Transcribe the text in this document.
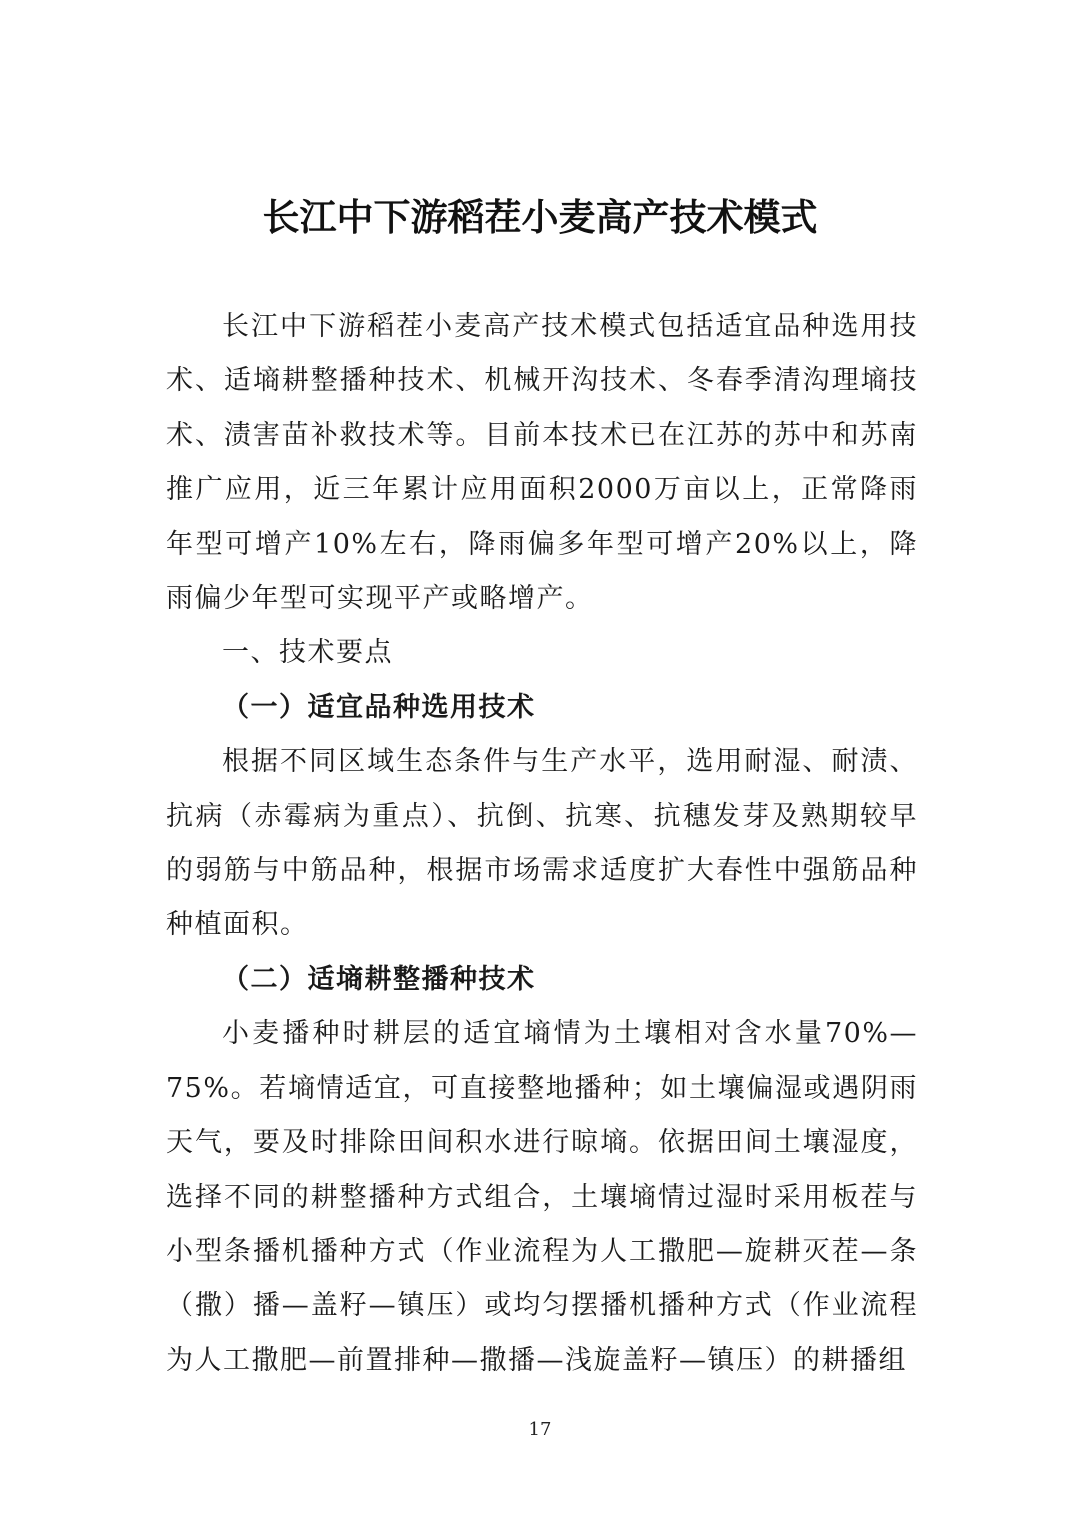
长江中下游稻茬小麦高产技术模式

长江中下游稻茬小麦高产技术模式包括适宜品种选用技术、适墒耕整播种技术、机械开沟技术、冬春季清沟理墒技术、渍害苗补救技术等。目前本技术已在江苏的苏中和苏南推广应用，近三年累计应用面积2000万亩以上，正常降雨年型可增产10%左右，降雨偏多年型可增产20%以上，降雨偏少年型可实现平产或略增产。

一、技术要点

（一）适宜品种选用技术

根据不同区域生态条件与生产水平，选用耐湿、耐渍、抗病（赤霉病为重点）、抗倒、抗寒、抗穗发芽及熟期较早的弱筋与中筋品种，根据市场需求适度扩大春性中强筋品种种植面积。

（二）适墒耕整播种技术

小麦播种时耕层的适宜墒情为土壤相对含水量70%—75%。若墒情适宜，可直接整地播种；如土壤偏湿或遇阴雨天气，要及时排除田间积水进行晾墒。依据田间土壤湿度，选择不同的耕整播种方式组合，土壤墒情过湿时采用板茬与小型条播机播种方式（作业流程为人工撒肥—旋耕灭茬—条（撒）播—盖籽—镇压）或均匀摆播机播种方式（作业流程为人工撒肥—前置排种—撒播—浅旋盖籽—镇压）的耕播组

17
